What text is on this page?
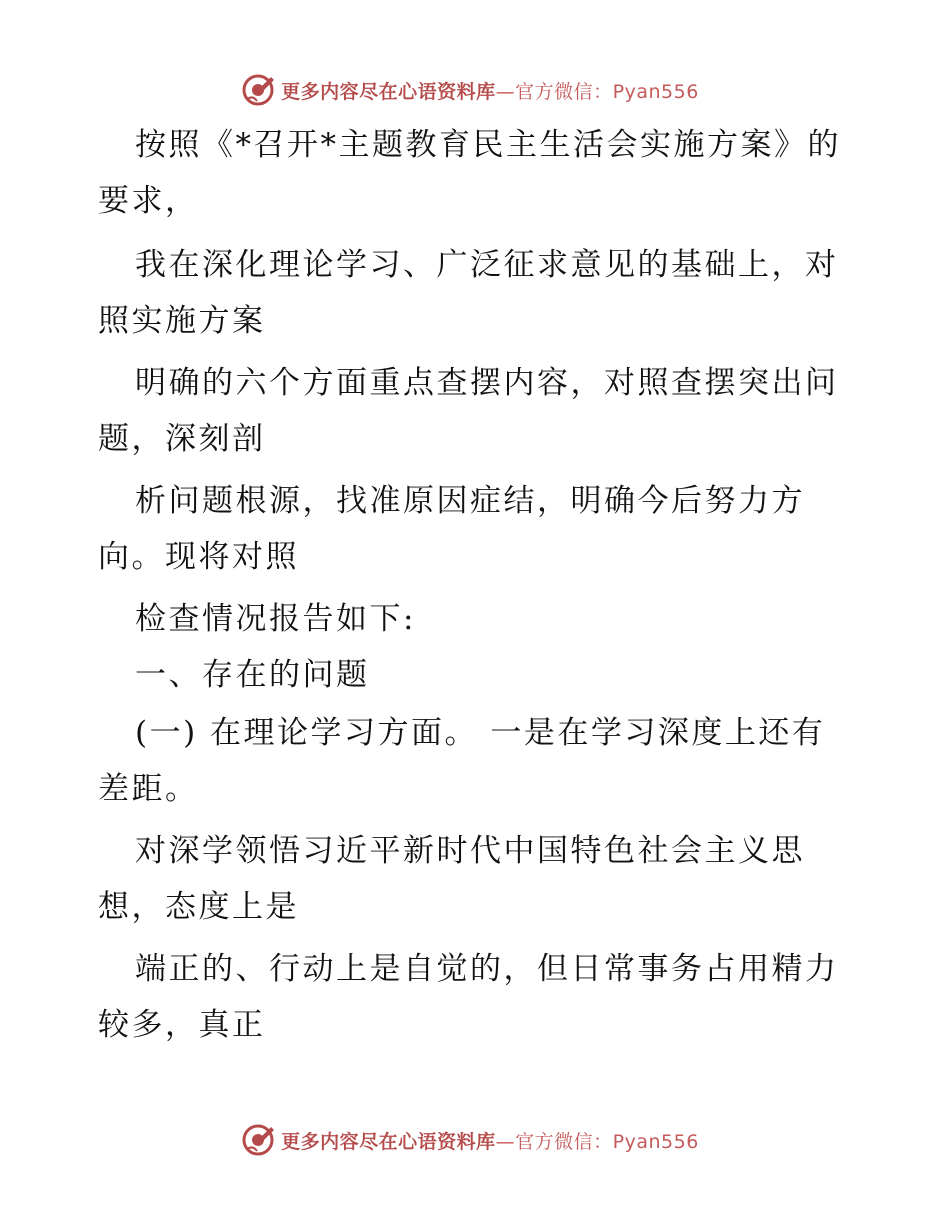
更多内容尽在心语资料库—官方微信：Pyan556
按照《*召开*主题教育民主生活会实施方案》的
要求，
我在深化理论学习、广泛征求意见的基础上，对
照实施方案
明确的六个方面重点查摆内容，对照查摆突出问
题，深刻剖
析问题根源，找准原因症结，明确今后努力方
向。现将对照
检查情况报告如下:
一、存在的问题
(一) 在理论学习方面。 一是在学习深度上还有
差距。
对深学领悟习近平新时代中国特色社会主义思
想，态度上是
端正的、行动上是自觉的，但日常事务占用精力
较多，真正
更多内容尽在心语资料库—官方微信：Pyan556
